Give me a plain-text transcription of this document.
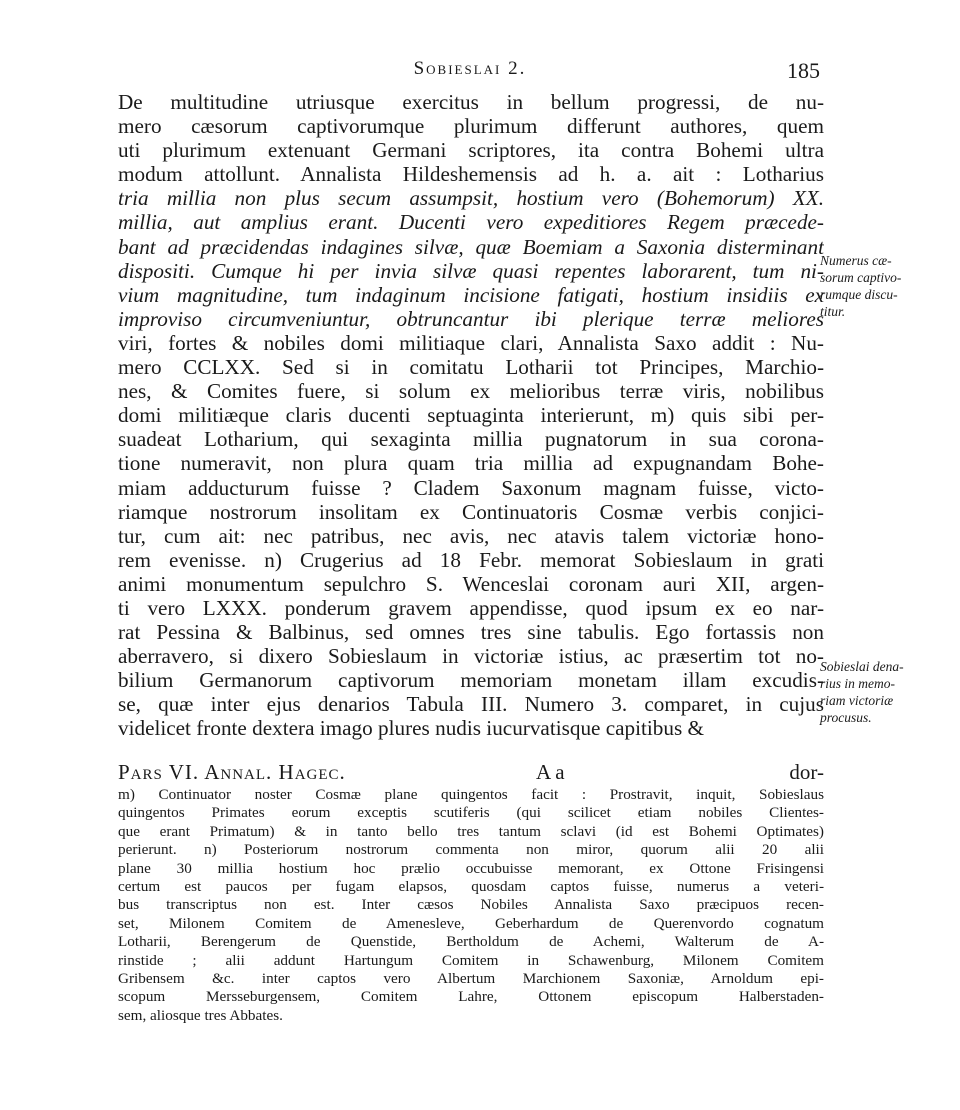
Sobieslai 2.	185
De multitudine utriusque exercitus in bellum progressi, de nu-
mero cæsorum captivorumque plurimum differunt authores, quem
uti plurimum extenuant Germani scriptores, ita contra Bohemi ultra
modum attollunt. Annalista Hildeshemensis ad h. a. ait : Lotharius
tria millia non plus secum assumpsit, hostium vero (Bohemorum) XX.
millia, aut amplius erant. Ducenti vero expeditiores Regem præcede-
bant ad præcidendas indagines silvæ, quæ Boemiam a Saxonia disterminant
dispositi. Cumque hi per invia silvæ quasi repentes laborarent, tum ni-
vium magnitudine, tum indaginum incisione fatigati, hostium insidiis ex
improviso circumveniuntur, obtruncantur ibi plerique terræ meliores
viri, fortes & nobiles domi militiaque clari, Annalista Saxo addit : Nu-
mero CCLXX. Sed si in comitatu Lotharii tot Principes, Marchio-
nes, & Comites fuere, si solum ex melioribus terræ viris, nobilibus
domi militiæque claris ducenti septuaginta interierunt, m) quis sibi per-
suadeat Lotharium, qui sexaginta millia pugnatorum in sua corona-
tione numeravit, non plura quam tria millia ad expugnandam Bohe-
miam adducturum fuisse ? Cladem Saxonum magnam fuisse, victo-
riamque nostrorum insolitam ex Continuatoris Cosmæ verbis conjici-
tur, cum ait: nec patribus, nec avis, nec atavis talem victoriæ hono-
rem evenisse. n) Crugerius ad 18 Febr. memorat Sobieslaum in grati
animi monumentum sepulchro S. Wenceslai coronam auri XII, argen-
ti vero LXXX. ponderum gravem appendisse, quod ipsum ex eo nar-
rat Pessina & Balbinus, sed omnes tres sine tabulis. Ego fortassis non
aberravero, si dixero Sobieslaum in victoriæ istius, ac præsertim tot no-
bilium Germanorum captivorum memoriam monetam illam excudis-
se, quæ inter ejus denarios Tabula III. Numero 3. comparet, in cujus
videlicet fronte dextera imago plures nudis iucurvatisque capitibus &
Numerus cæ-
sorum captivo-
rumque discu-
titur.
Sobieslai dena-
rius in memo-
riam victoriæ
procusus.
Pars VI. Annal. Hagec.	A a	dor-
m) Continuator noster Cosmæ plane quingentos facit : Prostravit, inquit, Sobieslaus
quingentos Primates eorum exceptis scutiferis (qui scilicet etiam nobiles Clientes-
que erant Primatum) & in tanto bello tres tantum sclavi (id est Bohemi Optimates)
perierunt. n) Posteriorum nostrorum commenta non miror, quorum alii 20 alii
plane 30 millia hostium hoc prælio occubuisse memorant, ex Ottone Frisingensi
certum est paucos per fugam elapsos, quosdam captos fuisse, numerus a veteri-
bus transcriptus non est. Inter cæsos Nobiles Annalista Saxo præcipuos recen-
set, Milonem Comitem de Amenesleve, Geberhardum de Querenvordo cognatum
Lotharii, Berengerum de Quenstide, Bertholdum de Achemi, Walterum de A-
rinstide ; alii addunt Hartungum Comitem in Schawenburg, Milonem Comitem
Gribensem &c. inter captos vero Albertum Marchionem Saxoniæ, Arnoldum epi-
scopum Mersseburgensem, Comitem Lahre, Ottonem episcopum Halberstaden-
sem, aliosque tres Abbates.
